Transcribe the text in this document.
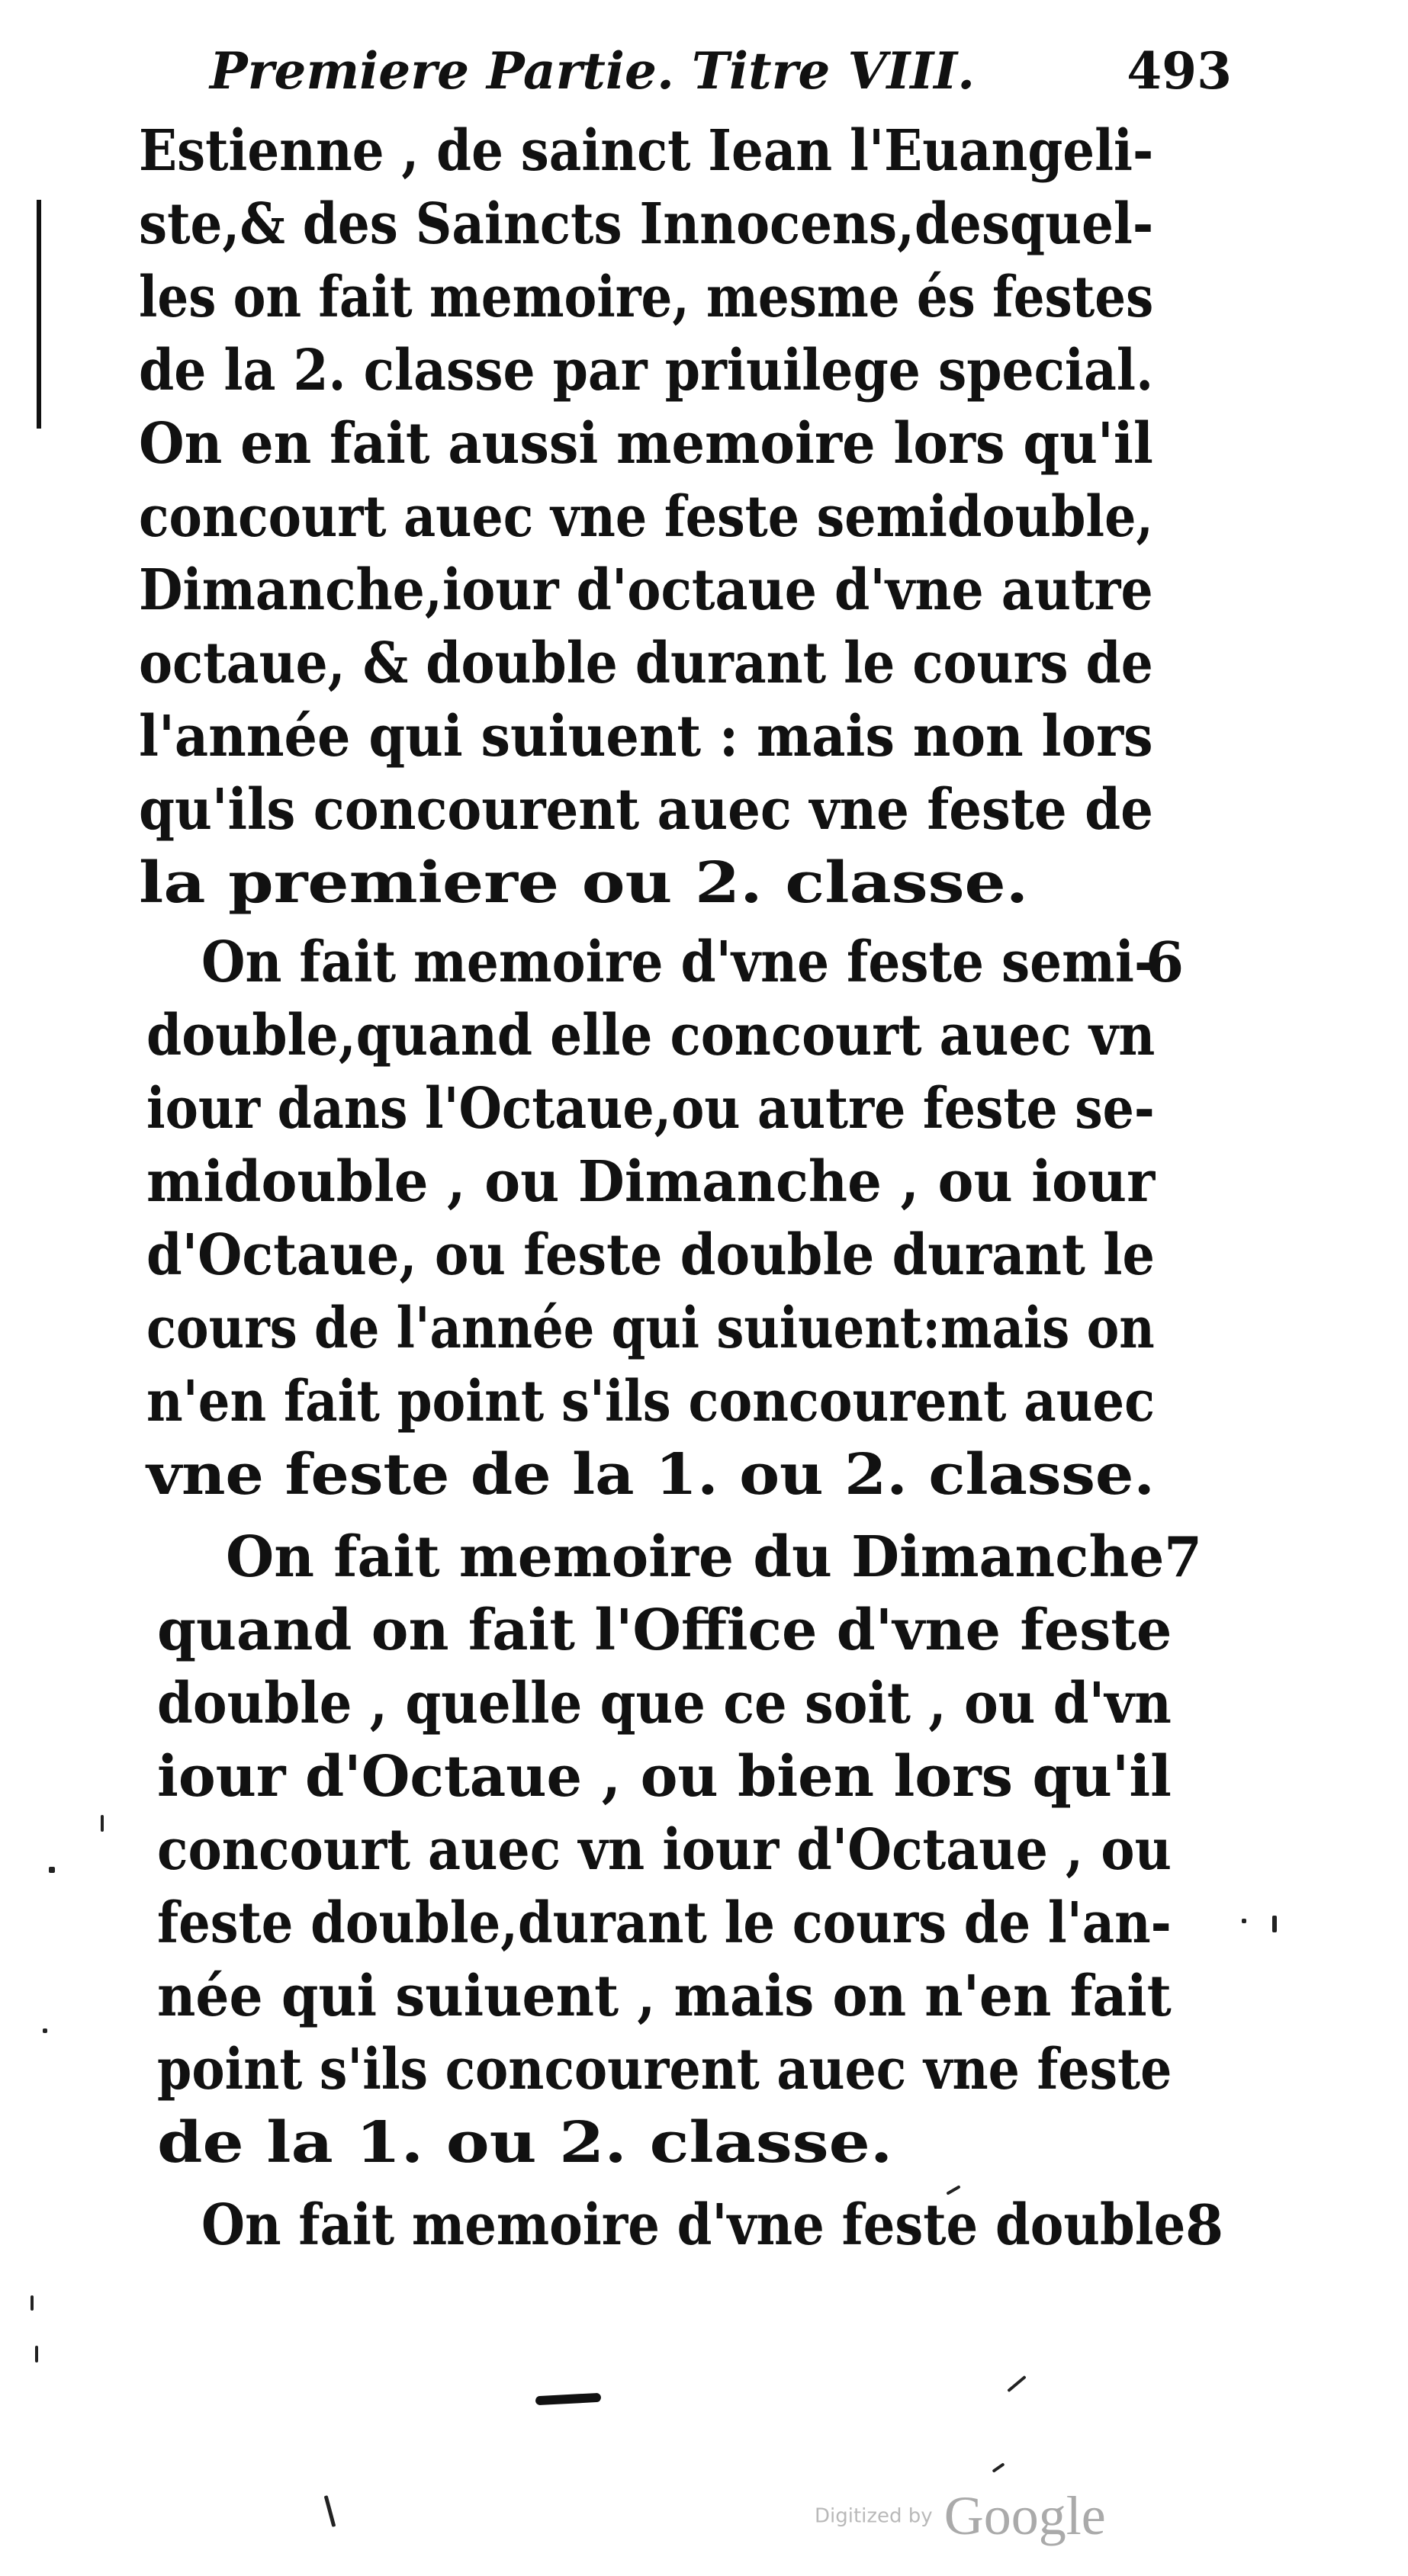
Premiere Partie. Titre VIII.	493
Estienne , de sainct Iean l'Euangeli-
ste,& des Saincts Innocens,desquel-
les on fait memoire, mesme és festes
de la 2. classe par priuilege special.
On en fait aussi memoire lors qu'il
concourt auec vne feste semidouble,
Dimanche,iour d'octaue d'vne autre
octaue, & double durant le cours de
l'année qui suiuent : mais non lors
qu'ils concourent auec vne feste de
la premiere ou 2. classe.
On fait memoire d'vne feste semi-
double,quand elle concourt auec vn
iour dans l'Octaue,ou autre feste se-
midouble , ou Dimanche , ou iour
d'Octaue, ou feste double durant le
cours de l'année qui suiuent:mais on
n'en fait point s'ils concourent auec
vne feste de la 1. ou 2. classe.
On fait memoire du Dimanche
quand on fait l'Office d'vne feste
double , quelle que ce soit , ou d'vn
iour d'Octaue , ou bien lors qu'il
concourt auec vn iour d'Octaue , ou
feste double,durant le cours de l'an-
née qui suiuent , mais on n'en fait
point s'ils concourent auec vne feste
de la 1. ou 2. classe.
On fait memoire d'vne feste double
6
7
8
Digitized by Google
